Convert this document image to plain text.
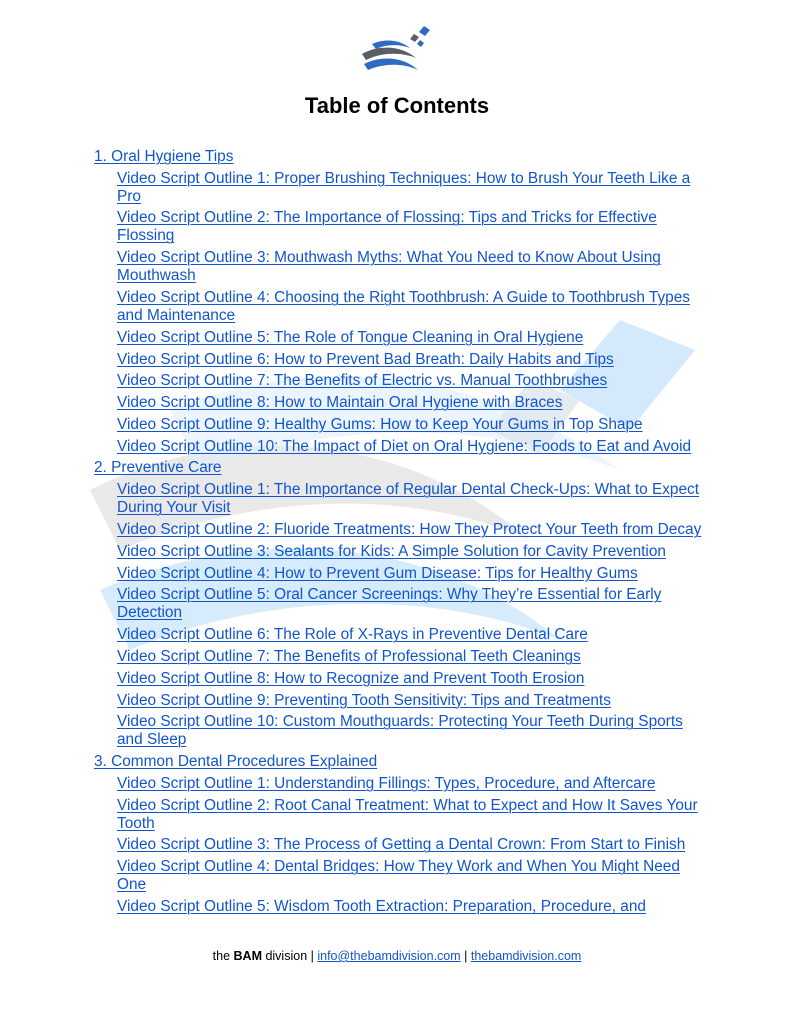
Table of Contents
1. Oral Hygiene Tips
Video Script Outline 1: Proper Brushing Techniques: How to Brush Your Teeth Like a Pro
Video Script Outline 2: The Importance of Flossing: Tips and Tricks for Effective Flossing
Video Script Outline 3: Mouthwash Myths: What You Need to Know About Using Mouthwash
Video Script Outline 4: Choosing the Right Toothbrush: A Guide to Toothbrush Types and Maintenance
Video Script Outline 5: The Role of Tongue Cleaning in Oral Hygiene
Video Script Outline 6: How to Prevent Bad Breath: Daily Habits and Tips
Video Script Outline 7: The Benefits of Electric vs. Manual Toothbrushes
Video Script Outline 8: How to Maintain Oral Hygiene with Braces
Video Script Outline 9: Healthy Gums: How to Keep Your Gums in Top Shape
Video Script Outline 10: The Impact of Diet on Oral Hygiene: Foods to Eat and Avoid
2. Preventive Care
Video Script Outline 1: The Importance of Regular Dental Check-Ups: What to Expect During Your Visit
Video Script Outline 2: Fluoride Treatments: How They Protect Your Teeth from Decay
Video Script Outline 3: Sealants for Kids: A Simple Solution for Cavity Prevention
Video Script Outline 4: How to Prevent Gum Disease: Tips for Healthy Gums
Video Script Outline 5: Oral Cancer Screenings: Why They’re Essential for Early Detection
Video Script Outline 6: The Role of X-Rays in Preventive Dental Care
Video Script Outline 7: The Benefits of Professional Teeth Cleanings
Video Script Outline 8: How to Recognize and Prevent Tooth Erosion
Video Script Outline 9: Preventing Tooth Sensitivity: Tips and Treatments
Video Script Outline 10: Custom Mouthguards: Protecting Your Teeth During Sports and Sleep
3. Common Dental Procedures Explained
Video Script Outline 1: Understanding Fillings: Types, Procedure, and Aftercare
Video Script Outline 2: Root Canal Treatment: What to Expect and How It Saves Your Tooth
Video Script Outline 3: The Process of Getting a Dental Crown: From Start to Finish
Video Script Outline 4: Dental Bridges: How They Work and When You Might Need One
Video Script Outline 5: Wisdom Tooth Extraction: Preparation, Procedure, and
the BAM division | info@thebamdivision.com | thebamdivision.com
